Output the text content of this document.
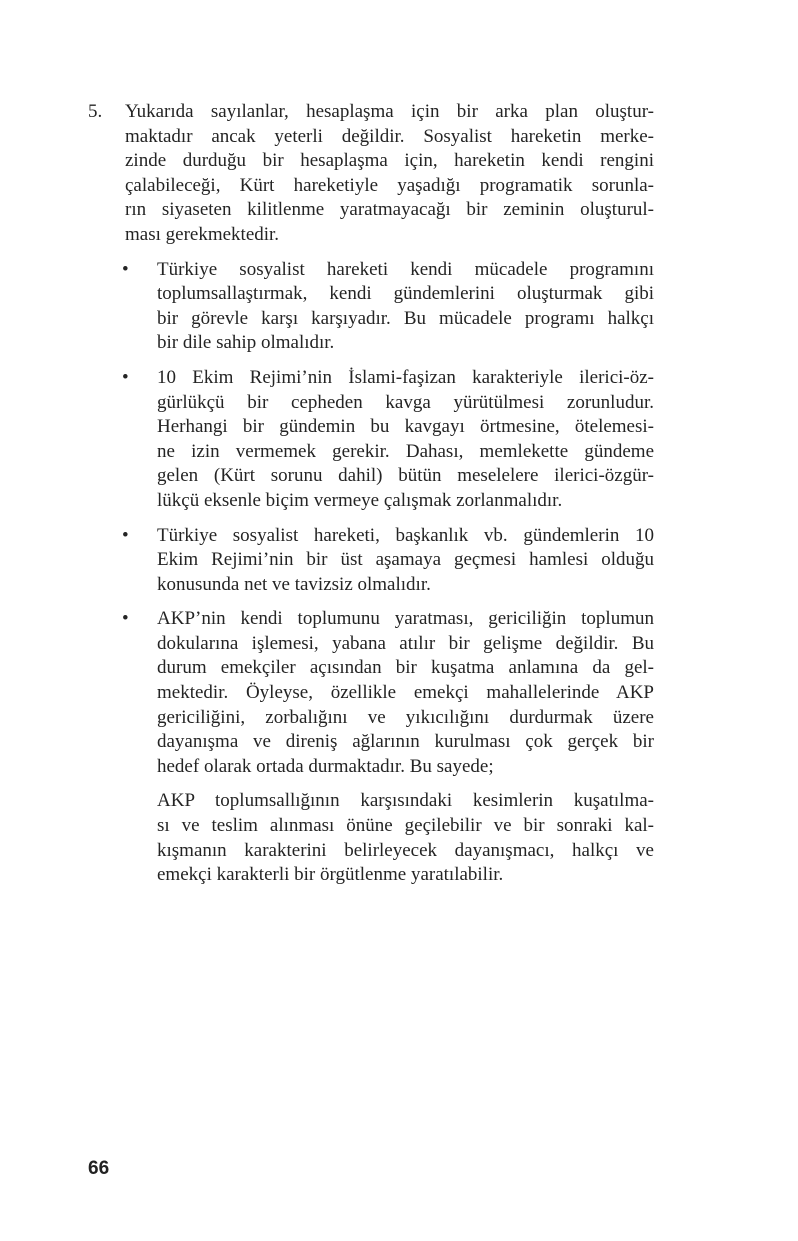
5.	Yukarıda sayılanlar, hesaplaşma için bir arka plan oluştur-
maktadır ancak yeterli değildir. Sosyalist hareketin merke-
zinde durduğu bir hesaplaşma için, hareketin kendi rengini
çalabileceği, Kürt hareketiyle yaşadığı programatik sorunla-
rın siyaseten kilitlenme yaratmayacağı bir zeminin oluşturul-
ması gerekmektedir.
•	Türkiye sosyalist hareketi kendi mücadele programını
toplumsallaştırmak, kendi gündemlerini oluşturmak gibi
bir görevle karşı karşıyadır. Bu mücadele programı halkçı
bir dile sahip olmalıdır.
•	10 Ekim Rejimi’nin İslami-faşizan karakteriyle ilerici-öz-
gürlükçü bir cepheden kavga yürütülmesi zorunludur.
Herhangi bir gündemin bu kavgayı örtmesine, ötelemesi-
ne izin vermemek gerekir. Dahası, memlekette gündeme
gelen (Kürt sorunu dahil) bütün meselelere ilerici-özgür-
lükçü eksenle biçim vermeye çalışmak zorlanmalıdır.
•	Türkiye sosyalist hareketi, başkanlık vb. gündemlerin 10
Ekim Rejimi’nin bir üst aşamaya geçmesi hamlesi olduğu
konusunda net ve tavizsiz olmalıdır.
•	AKP’nin kendi toplumunu yaratması, gericiliğin toplumun
dokularına işlemesi, yabana atılır bir gelişme değildir. Bu
durum emekçiler açısından bir kuşatma anlamına da gel-
mektedir. Öyleyse, özellikle emekçi mahallelerinde AKP
gericiliğini, zorbalığını ve yıkıcılığını durdurmak üzere
dayanışma ve direniş ağlarının kurulması çok gerçek bir
hedef olarak ortada durmaktadır. Bu sayede;
AKP toplumsallığının karşısındaki kesimlerin kuşatılma-
sı ve teslim alınması önüne geçilebilir ve bir sonraki kal-
kışmanın karakterini belirleyecek dayanışmacı, halkçı ve
emekçi karakterli bir örgütlenme yaratılabilir.
66
